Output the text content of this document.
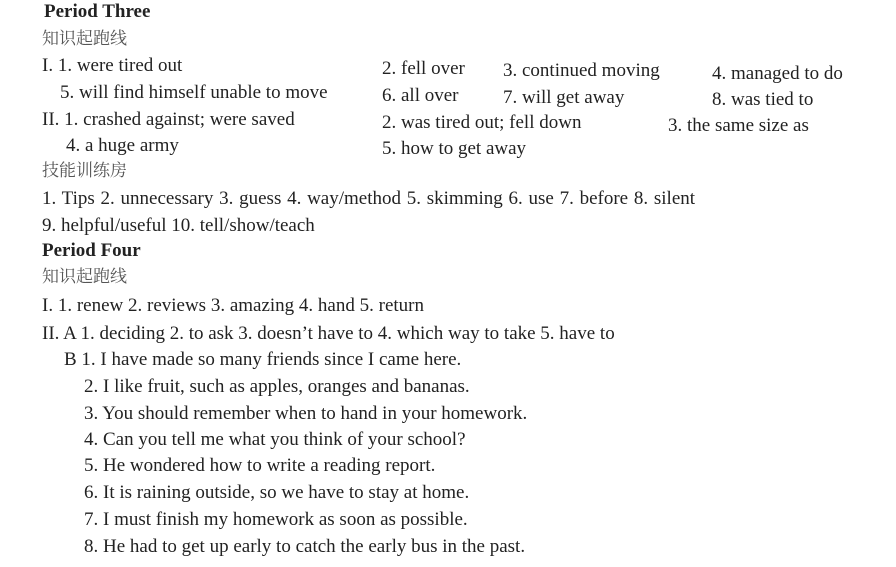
Period Three
知识起跑线
I. 1. were tired out	2. fell over 3. continued moving	4. managed to do
5. will find himself unable to move	6. all over 7. will get away	8. was tied to
II. 1. crashed against; were saved	2. was tired out; fell down	3. the same size as
4. a huge army	5. how to get away
技能训练房
1. Tips 2. unnecessary 3. guess 4. way/method 5. skimming 6. use 7. before 8. silent
9. helpful/useful 10. tell/show/teach
Period Four
知识起跑线
I. 1. renew 2. reviews 3. amazing 4. hand 5. return
II. A 1. deciding 2. to ask 3. doesn’t have to 4. which way to take 5. have to
B 1. I have made so many friends since I came here.
2. I like fruit, such as apples, oranges and bananas.
3. You should remember when to hand in your homework.
4. Can you tell me what you think of your school?
5. He wondered how to write a reading report.
6. It is raining outside, so we have to stay at home.
7. I must finish my homework as soon as possible.
8. He had to get up early to catch the early bus in the past.
